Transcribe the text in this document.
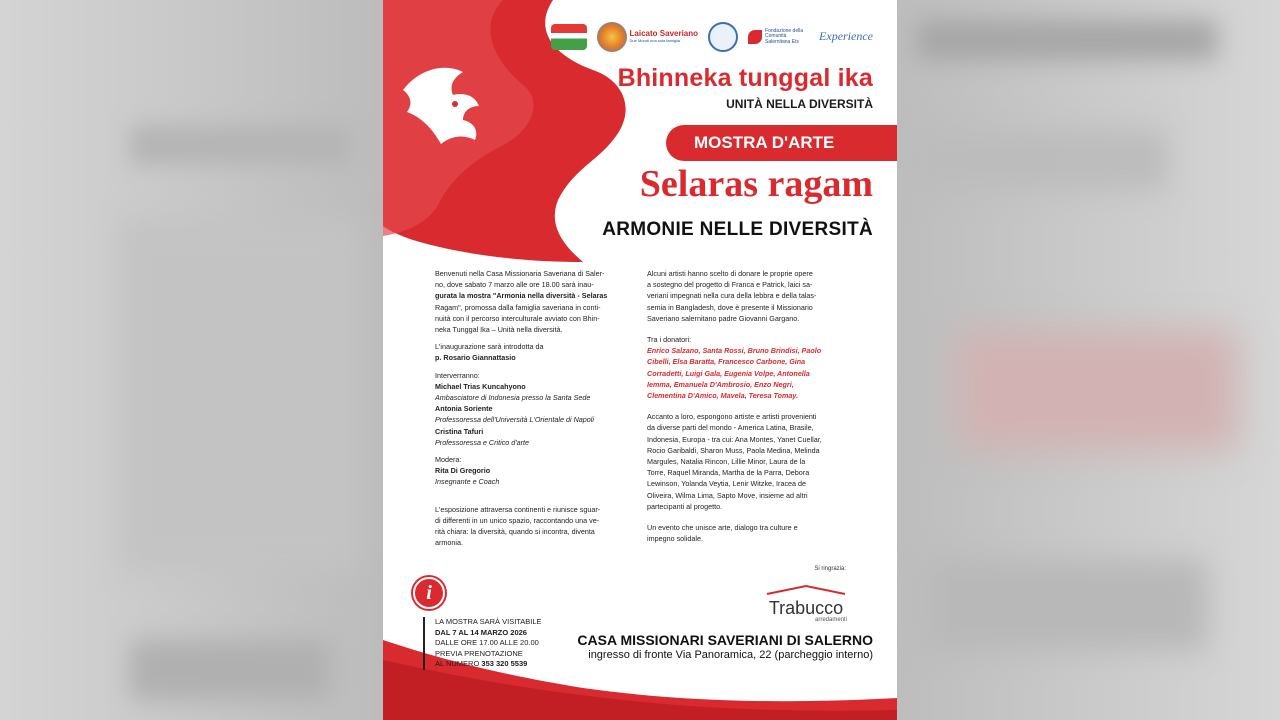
Laicato Saveriano
Due Mondi una sola famiglia
Fondazione della Comunità Salernitana Ets	Experience
Bhinneka tunggal ika
UNITÀ NELLA DIVERSITÀ
MOSTRA D'ARTE
Selaras ragam
ARMONIE NELLE DIVERSITÀ

Benvenuti nella Casa Missionaria Saveriana di Saler-
no, dove sabato 7 marzo alle ore 18.00 sarà inau-
gurata la mostra "Armonia nella diversità - Selaras
Ragam", promossa dalla famiglia saveriana in conti-
nuità con il percorso interculturale avviato con Bhin-
neka Tunggal Ika – Unità nella diversità.

L'inaugurazione sarà introdotta da
p. Rosario Giannattasio

Interverranno:
Michael Trias Kuncahyono
Ambasciatore di Indonesia presso la Santa Sede
Antonia Soriente
Professoressa dell'Università L'Orientale di Napoli
Cristina Tafuri
Professoressa e Critico d'arte

Modera:
Rita Di Gregorio
Insegnante e Coach

L'esposizione attraversa continenti e riunisce sguar-
di differenti in un unico spazio, raccontando una ve-
rità chiara: la diversità, quando si incontra, diventa
armonia.

Alcuni artisti hanno scelto di donare le proprie opere
a sostegno del progetto di Franca e Patrick, laici sa-
veriani impegnati nella cura della lebbra e della talas-
semia in Bangladesh, dove è presente il Missionario
Saveriano salernitano padre Giovanni Gargano.

Tra i donatori:
Enrico Salzano, Santa Rossi, Bruno Brindisi, Paolo
Cibelli, Elsa Baratta, Francesco Carbone, Gina
Corradetti, Luigi Gala, Eugenia Volpe, Antonella
Iemma, Emanuela D'Ambrosio, Enzo Negri,
Clementina D'Amico, Mavela, Teresa Tomay.

Accanto a loro, espongono artiste e artisti provenienti
da diverse parti del mondo - America Latina, Brasile,
Indonesia, Europa - tra cui: Ana Montes, Yanet Cuellar,
Rocio Garibaldi, Sharon Muss, Paola Medina, Melinda
Margules, Natalia Rincon, Lillie Minor, Laura de la
Torre, Raquel Miranda, Martha de la Parra, Debora
Lewinson, Yolanda Veytia, Lenir Witzke, Iracea de
Oliveira, Wilma Lima, Sapto Move, insieme ad altri
partecipanti al progetto.

Un evento che unisce arte, dialogo tra culture e
impegno solidale.

Si ringrazia:
Trabucco
arredamenti
i
LA MOSTRA SARÀ VISITABILE
DAL 7 AL 14 MARZO 2026
DALLE ORE 17.00 ALLE 20.00
PREVIA PRENOTAZIONE
AL NUMERO 353 320 5539
CASA MISSIONARI SAVERIANI DI SALERNO
ingresso di fronte Via Panoramica, 22 (parcheggio interno)
